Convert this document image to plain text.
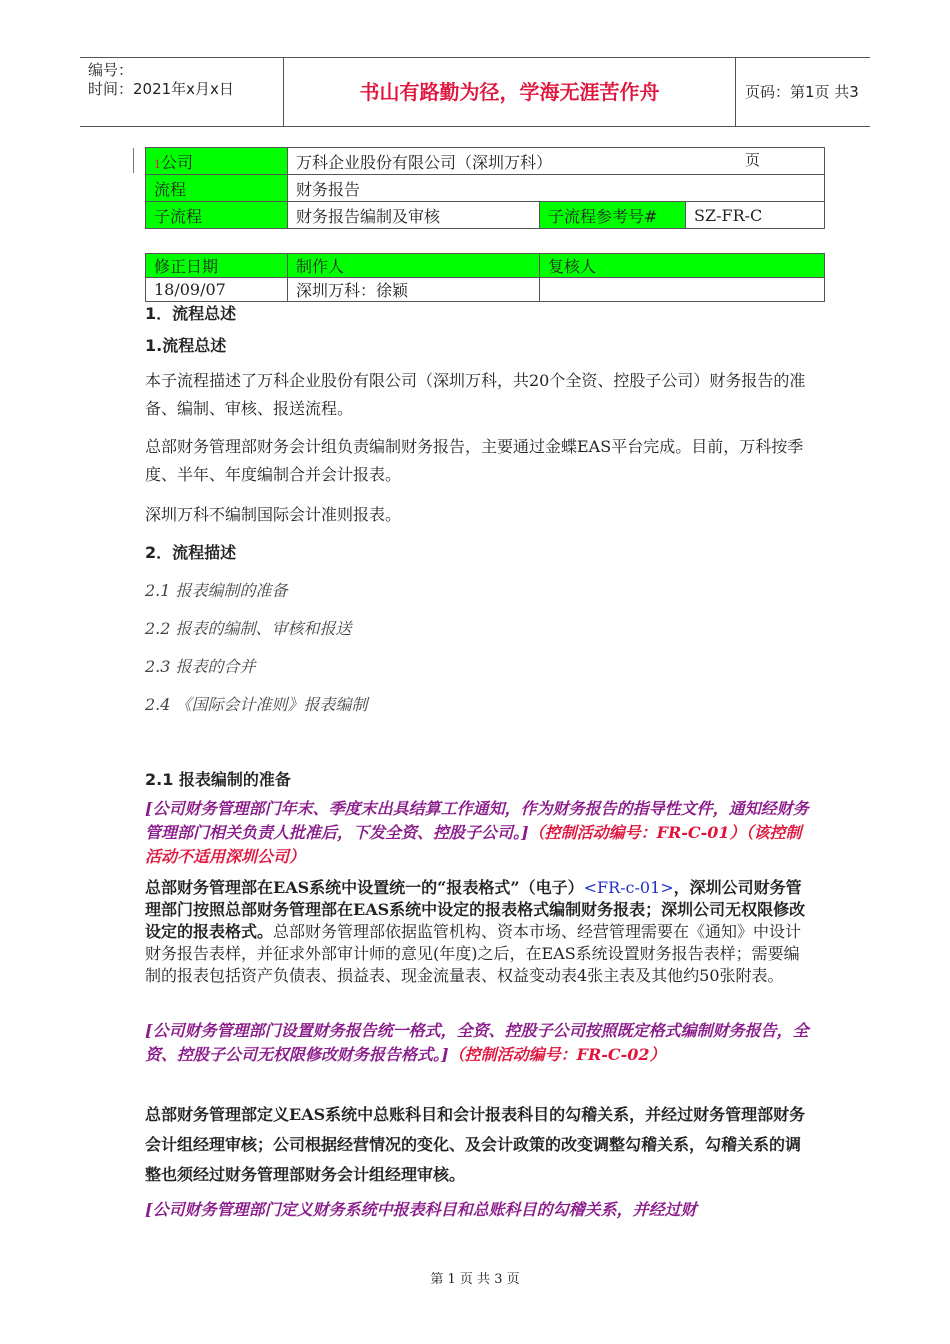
编号：
时间：2021年x月x日	书山有路勤为径，学海无涯苦作舟	页码：第1页 共3页
1公司	万科企业股份有限公司（深圳万科）		
流程	财务报告		
子流程	财务报告编制及审核	子流程参考号#	SZ-FR-C
修正日期	制作人	复核人
18/09/07	深圳万科：徐颖	

1．流程总述

1.流程总述

本子流程描述了万科企业股份有限公司（深圳万科，共20个全资、控股子公司）财务报告的准备、编制、审核、报送流程。

总部财务管理部财务会计组负责编制财务报告，主要通过金蝶EAS平台完成。目前，万科按季度、半年、年度编制合并会计报表。

深圳万科不编制国际会计准则报表。

2．流程描述

2.1 报表编制的准备

2.2 报表的编制、审核和报送

2.3 报表的合并

2.4 《国际会计准则》报表编制

2.1 报表编制的准备

[公司财务管理部门年末、季度末出具结算工作通知，作为财务报告的指导性文件，通知经财务管理部门相关负责人批准后，下发全资、控股子公司。]（控制活动编号：FR-C-01）（该控制活动不适用深圳公司）

总部财务管理部在EAS系统中设置统一的“报表格式”（电子）<FR-c-01>，深圳公司财务管理部门按照总部财务管理部在EAS系统中设定的报表格式编制财务报表；深圳公司无权限修改设定的报表格式。总部财务管理部依据监管机构、资本市场、经营管理需要在《通知》中设计财务报告表样，并征求外部审计师的意见(年度)之后，在EAS系统设置财务报告表样；需要编制的报表包括资产负债表、损益表、现金流量表、权益变动表4张主表及其他约50张附表。

[公司财务管理部门设置财务报告统一格式，全资、控股子公司按照既定格式编制财务报告，全资、控股子公司无权限修改财务报告格式。]（控制活动编号：FR-C-02）

总部财务管理部定义EAS系统中总账科目和会计报表科目的勾稽关系，并经过财务管理部财务会计组经理审核；公司根据经营情况的变化、及会计政策的改变调整勾稽关系，勾稽关系的调整也须经过财务管理部财务会计组经理审核。

[公司财务管理部门定义财务系统中报表科目和总账科目的勾稽关系，并经过财

第 1 页 共 3 页
